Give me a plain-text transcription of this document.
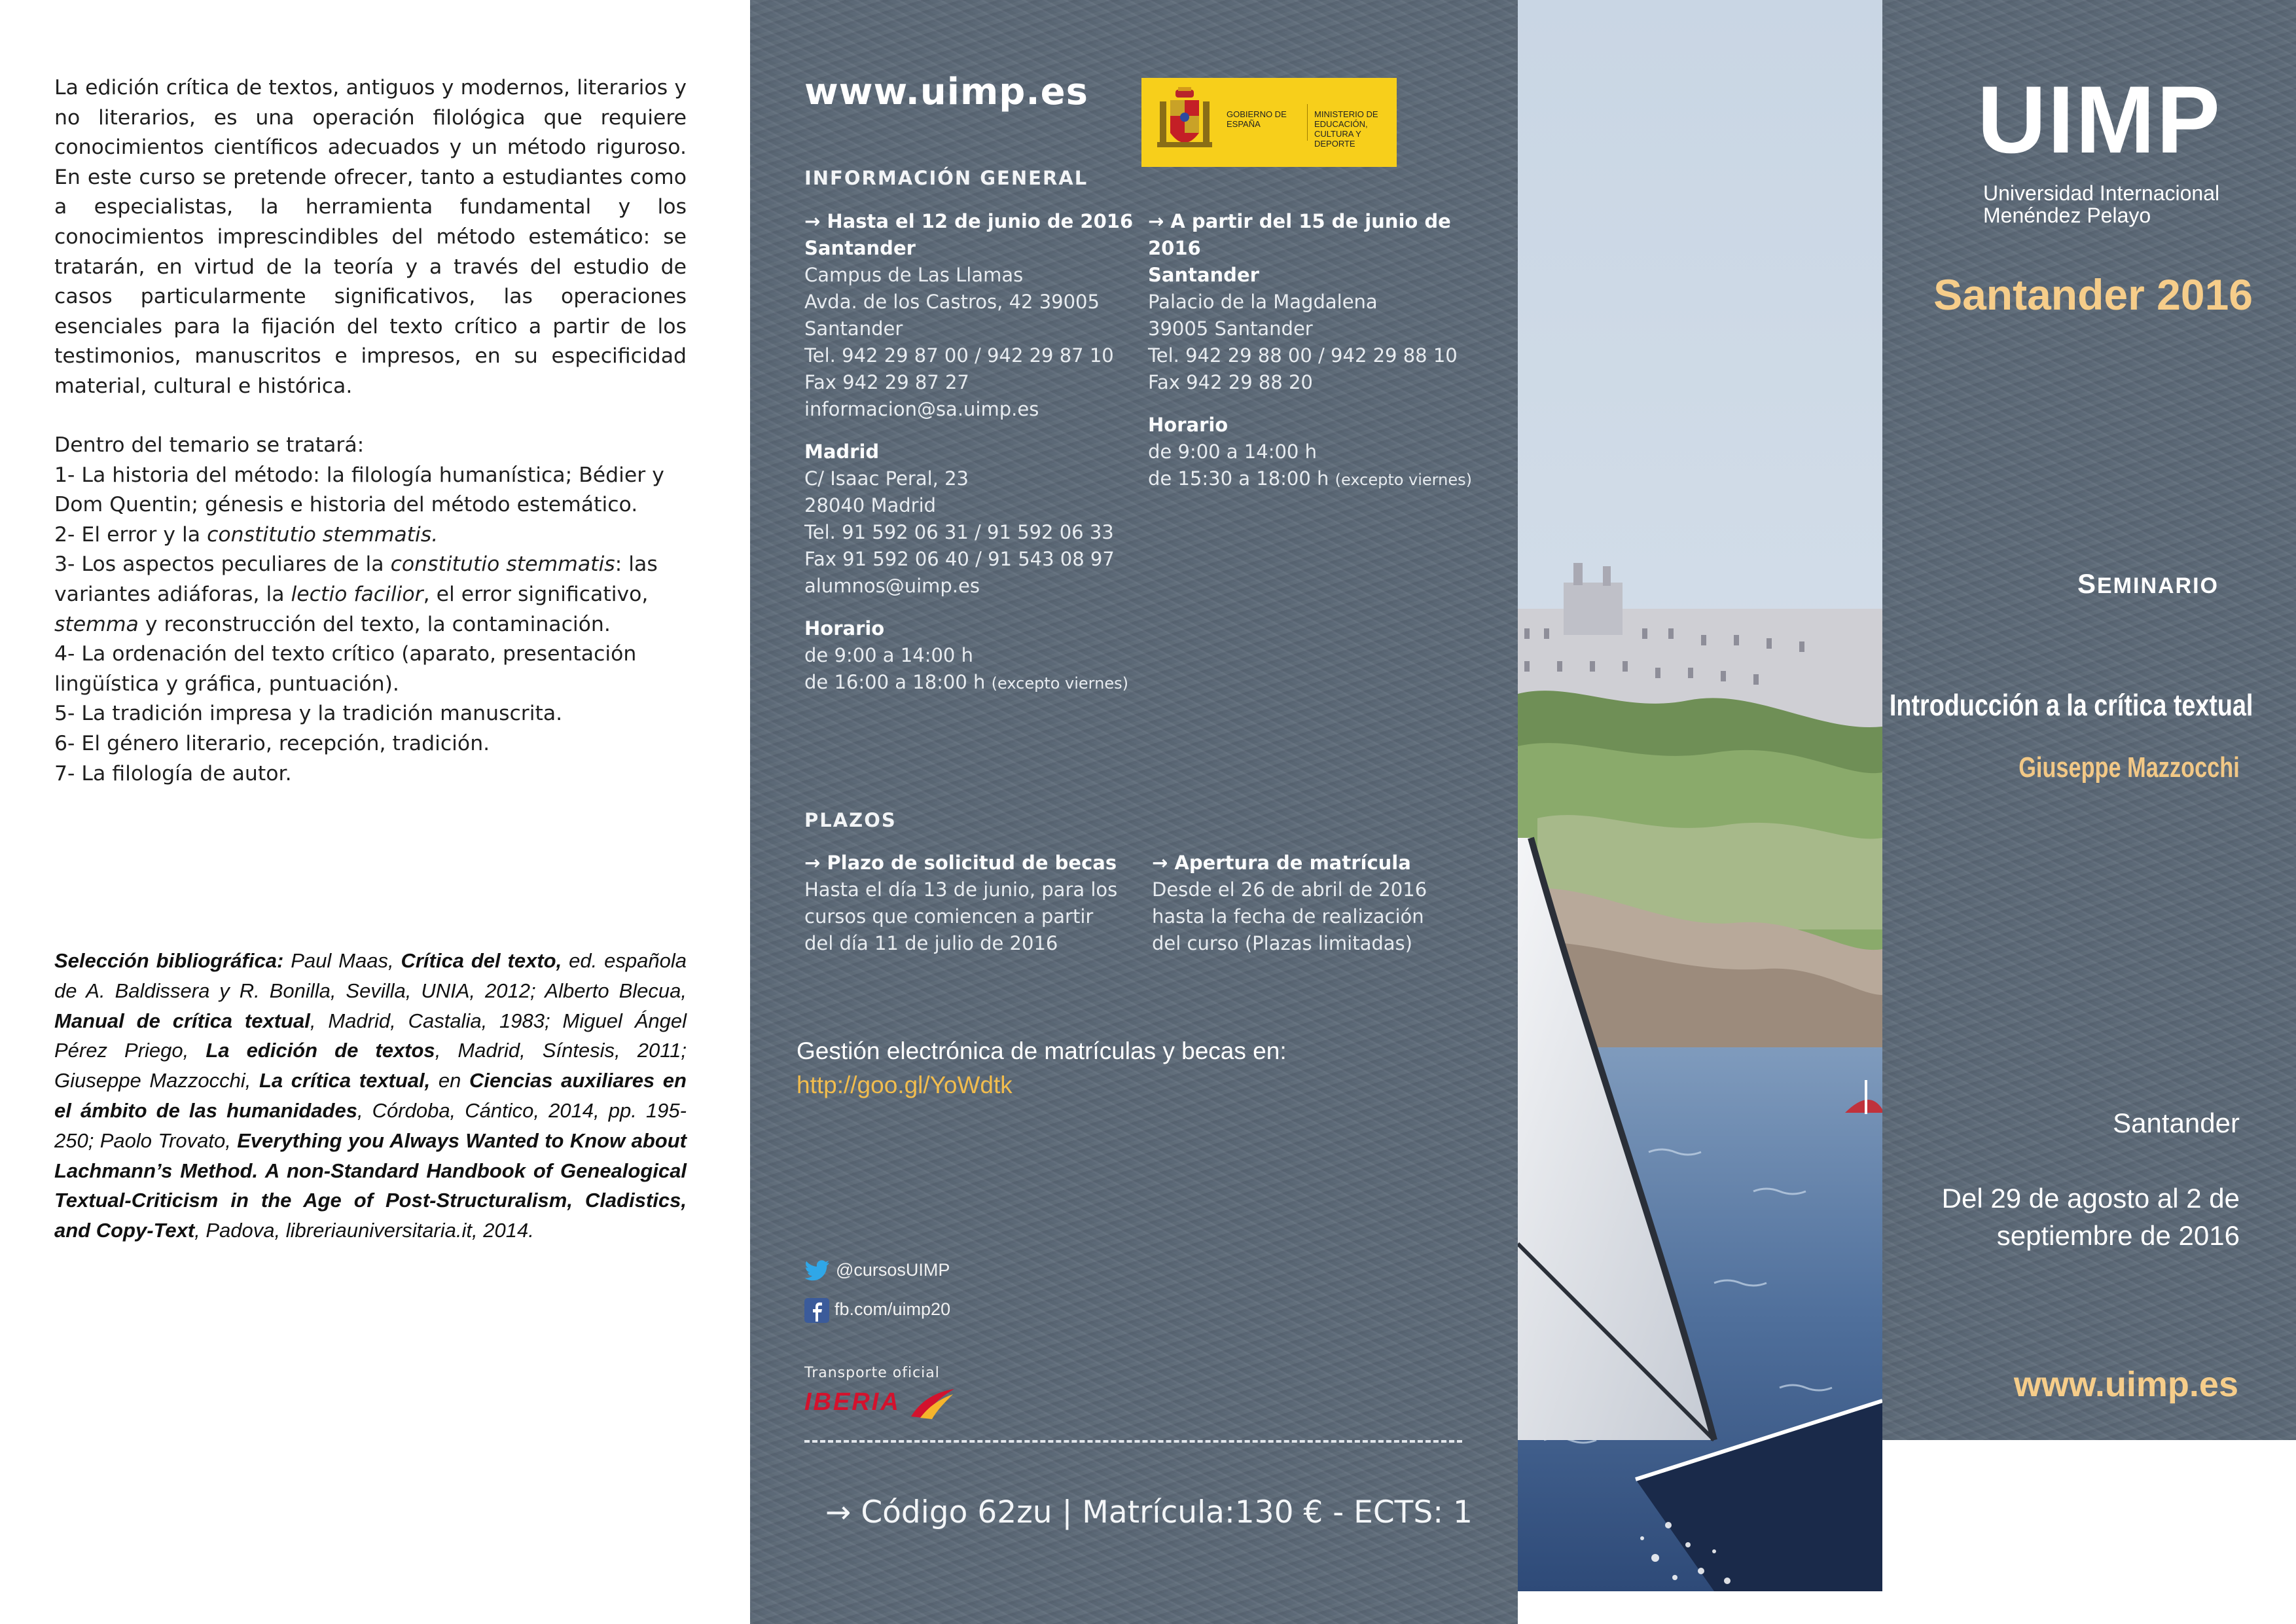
La edición crítica de textos, antiguos y modernos, literarios y no literarios, es una operación filológica que requiere conocimientos científicos adecuados y un método riguroso. En este curso se pretende ofrecer, tanto a estudiantes como a especialistas, la herramienta fundamental y los conocimientos imprescindibles del método estemático: se tratarán, en virtud de la teoría y a través del estudio de casos particularmente significativos, las operaciones esenciales para la fijación del texto crítico a partir de los testimonios, manuscritos e impresos, en su especificidad material, cultural e histórica.

Dentro del temario se tratará:
1- La historia del método: la filología humanística; Bédier y Dom Quentin; génesis e historia del método estemático.
2- El error y la constitutio stemmatis.
3- Los aspectos peculiares de la constitutio stemmatis: las variantes adiáforas, la lectio facilior, el error significativo, stemma y reconstrucción del texto, la contaminación.
4- La ordenación del texto crítico (aparato, presentación lingüística y gráfica, puntuación).
5- La tradición impresa y la tradición manuscrita.
6- El género literario, recepción, tradición.
7- La filología de autor.
Selección bibliográfica: Paul Maas, Crítica del texto, ed. española de A. Baldissera y R. Bonilla, Sevilla, UNIA, 2012; Alberto Blecua, Manual de crítica textual, Madrid, Castalia, 1983; Miguel Ángel Pérez Priego, La edición de textos, Madrid, Síntesis, 2011; Giuseppe Mazzocchi, La crítica textual, en Ciencias auxiliares en el ámbito de las humanidades, Córdoba, Cántico, 2014, pp. 195-250; Paolo Trovato, Everything you Always Wanted to Know about Lachmann’s Method. A non-Standard Handbook of Genealogical Textual-Criticism in the Age of Post-Structuralism, Cladistics, and Copy-Text, Padova, libreriauniversitaria.it, 2014.
www.uimp.es
GOBIERNO DE ESPAÑA
MINISTERIO DE EDUCACIÓN, CULTURA Y DEPORTE
INFORMACIÓN GENERAL
→ Hasta el 12 de junio de 2016
Santander
Campus de Las Llamas
Avda. de los Castros, 42 39005
Santander
Tel. 942 29 87 00 / 942 29 87 10
Fax 942 29 87 27
informacion@sa.uimp.es
Madrid
C/ Isaac Peral, 23
28040 Madrid
Tel. 91 592 06 31 / 91 592 06 33
Fax 91 592 06 40 / 91 543 08 97
alumnos@uimp.es
Horario
de 9:00 a 14:00 h
de 16:00 a 18:00 h (excepto viernes)
→ A partir del 15 de junio de 2016
Santander
Palacio de la Magdalena
39005 Santander
Tel. 942 29 88 00 / 942 29 88 10
Fax 942 29 88 20
Horario
de 9:00 a 14:00 h
de 15:30 a 18:00 h (excepto viernes)
PLAZOS
→ Plazo de solicitud de becas
Hasta el día 13 de junio, para los
cursos que comiencen a partir
del día 11 de julio de 2016
→ Apertura de matrícula
Desde el 26 de abril de 2016
hasta la fecha de realización
del curso (Plazas limitadas)
Gestión electrónica de matrículas y becas en:
http://goo.gl/YoWdtk
@cursosUIMP
fb.com/uimp20
Transporte oficial
IBERIA
→ Código 62zu | Matrícula:130 € - ECTS: 1
UIMP
Universidad Internacional
Menéndez Pelayo
Santander 2016
SEMINARIO
Introducción a la crítica textual
Giuseppe Mazzocchi
Santander
Del 29 de agosto al 2 de
septiembre de 2016
www.uimp.es
